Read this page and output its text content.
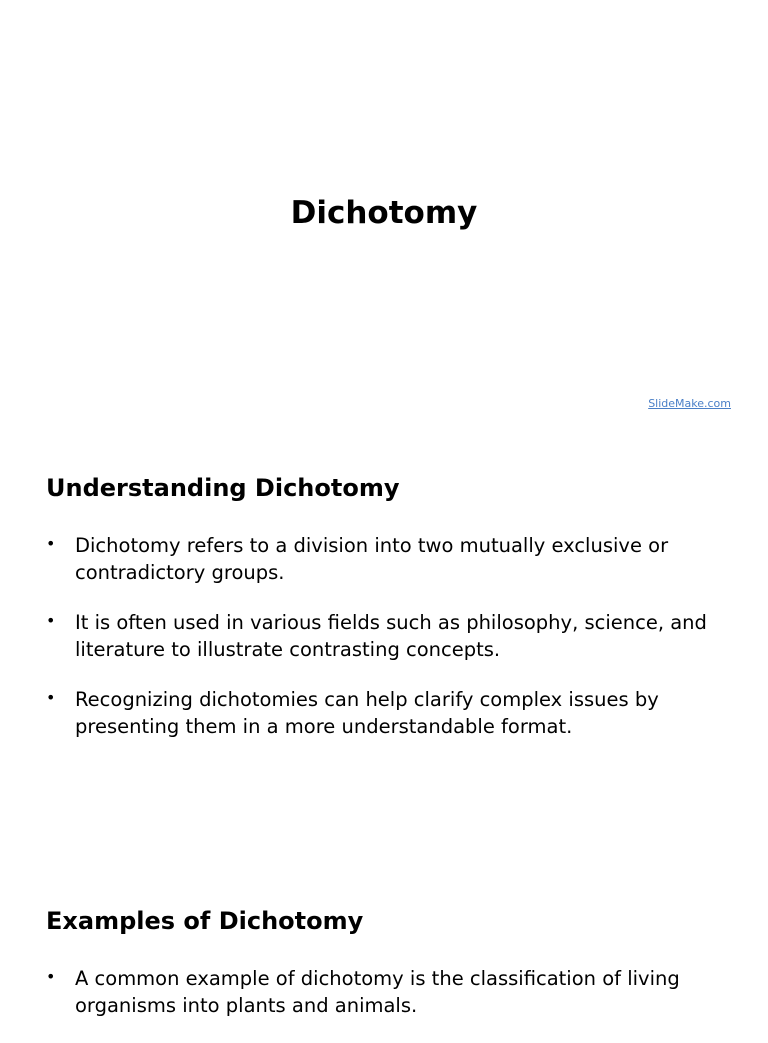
Dichotomy
SlideMake.com
Understanding Dichotomy
• Dichotomy refers to a division into two mutually exclusive or contradictory groups.
• It is often used in various fields such as philosophy, science, and literature to illustrate contrasting concepts.
• Recognizing dichotomies can help clarify complex issues by presenting them in a more understandable format.
Examples of Dichotomy
• A common example of dichotomy is the classification of living organisms into plants and animals.
